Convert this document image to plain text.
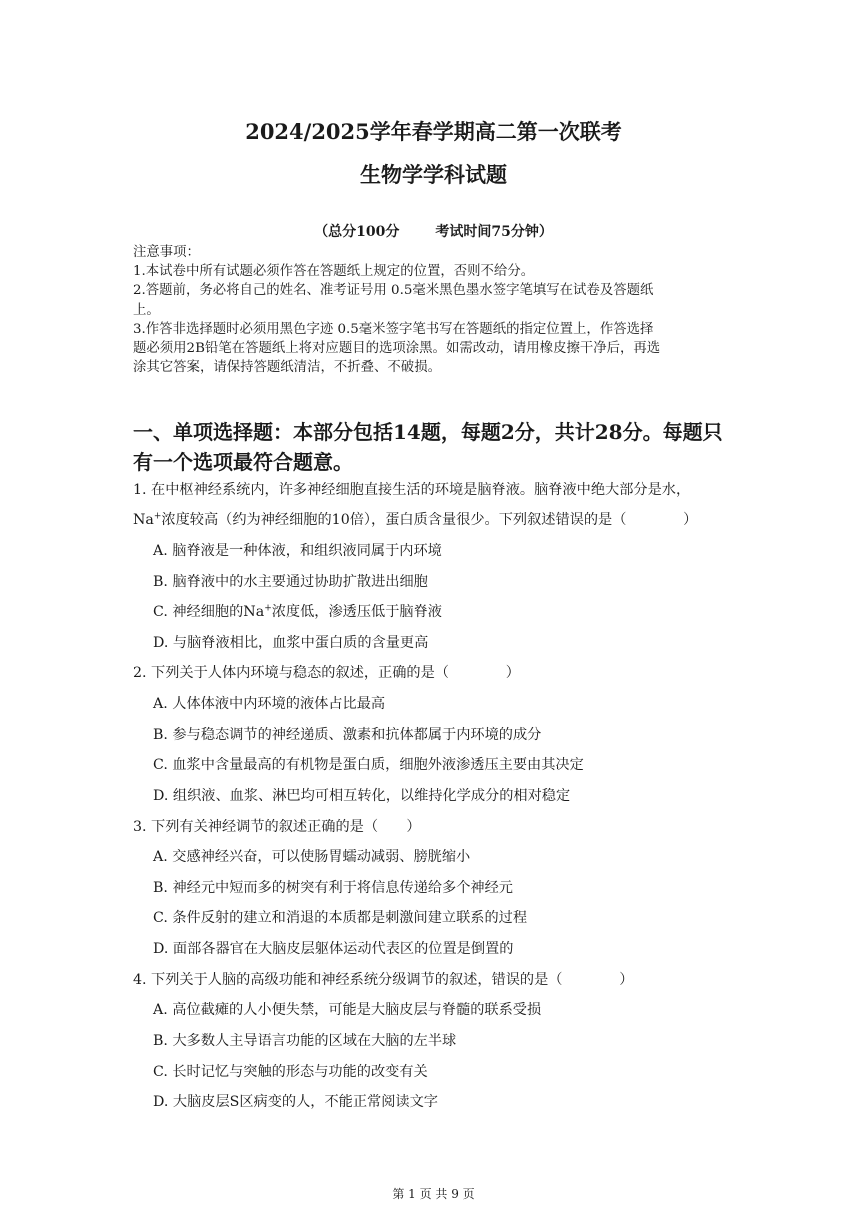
2024/2025学年春学期高二第一次联考
生物学学科试题
（总分100分	考试时间75分钟）
注意事项：
1.本试卷中所有试题必须作答在答题纸上规定的位置，否则不给分。
2.答题前，务必将自己的姓名、准考证号用 0.5毫米黑色墨水签字笔填写在试卷及答题纸
上。
3.作答非选择题时必须用黑色字迹 0.5毫米签字笔书写在答题纸的指定位置上，作答选择
题必须用2B铅笔在答题纸上将对应题目的选项涂黑。如需改动，请用橡皮擦干净后，再选
涂其它答案，请保持答题纸清洁，不折叠、不破损。
一、单项选择题：本部分包括14题，每题2分，共计28分。每题只
有一个选项最符合题意。
1. 在中枢神经系统内，许多神经细胞直接生活的环境是脑脊液。脑脊液中绝大部分是水，
Na+浓度较高（约为神经细胞的10倍），蛋白质含量很少。下列叙述错误的是（　　　　）
A. 脑脊液是一种体液，和组织液同属于内环境
B. 脑脊液中的水主要通过协助扩散进出细胞
C. 神经细胞的Na+浓度低，渗透压低于脑脊液
D. 与脑脊液相比，血浆中蛋白质的含量更高
2. 下列关于人体内环境与稳态的叙述，正确的是（　　　　）
A. 人体体液中内环境的液体占比最高
B. 参与稳态调节的神经递质、激素和抗体都属于内环境的成分
C. 血浆中含量最高的有机物是蛋白质，细胞外液渗透压主要由其决定
D. 组织液、血浆、淋巴均可相互转化，以维持化学成分的相对稳定
3. 下列有关神经调节的叙述正确的是（　　）
A. 交感神经兴奋，可以使肠胃蠕动减弱、膀胱缩小
B. 神经元中短而多的树突有利于将信息传递给多个神经元
C. 条件反射的建立和消退的本质都是刺激间建立联系的过程
D. 面部各器官在大脑皮层躯体运动代表区的位置是倒置的
4. 下列关于人脑的高级功能和神经系统分级调节的叙述，错误的是（　　　　）
A. 高位截瘫的人小便失禁，可能是大脑皮层与脊髓的联系受损
B. 大多数人主导语言功能的区域在大脑的左半球
C. 长时记忆与突触的形态与功能的改变有关
D. 大脑皮层S区病变的人，不能正常阅读文字
第 1 页 共 9 页
